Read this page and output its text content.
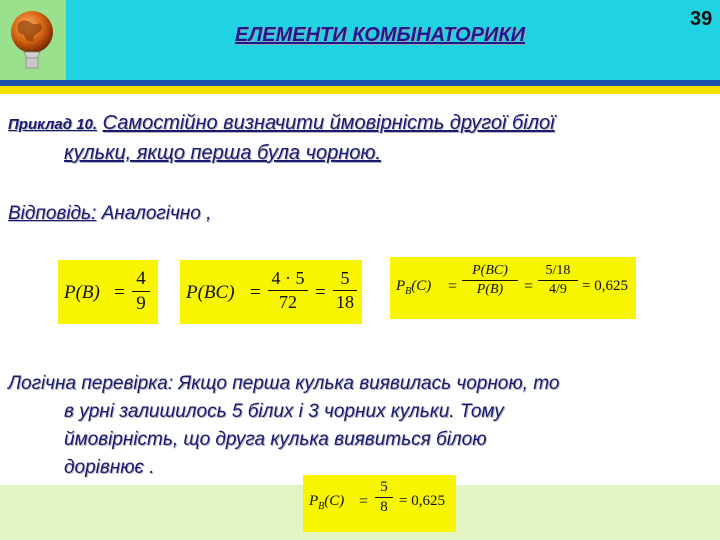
ЕЛЕМЕНТИ КОМБІНАТОРИКИ
39
Приклад 10. Самостійно визначити ймовірність другої білої
кульки, якщо перша була чорною.
Відповідь: Аналогічно ,
P(B) =
4
9
P(BC) =
4 · 5
72 =
5
18
$P_B(C)$ =
P(BC)
P(B)	=
5/18
4/9	= 0,625
Логічна перевірка: Якщо перша кулька виявилась чорною, то
в урні залишилось 5 білих і 3 чорних кульки. Тому
ймовірність, що друга кулька виявиться білою
дорівнює .
$P_B(C)$ =
5
8 = 0,625
